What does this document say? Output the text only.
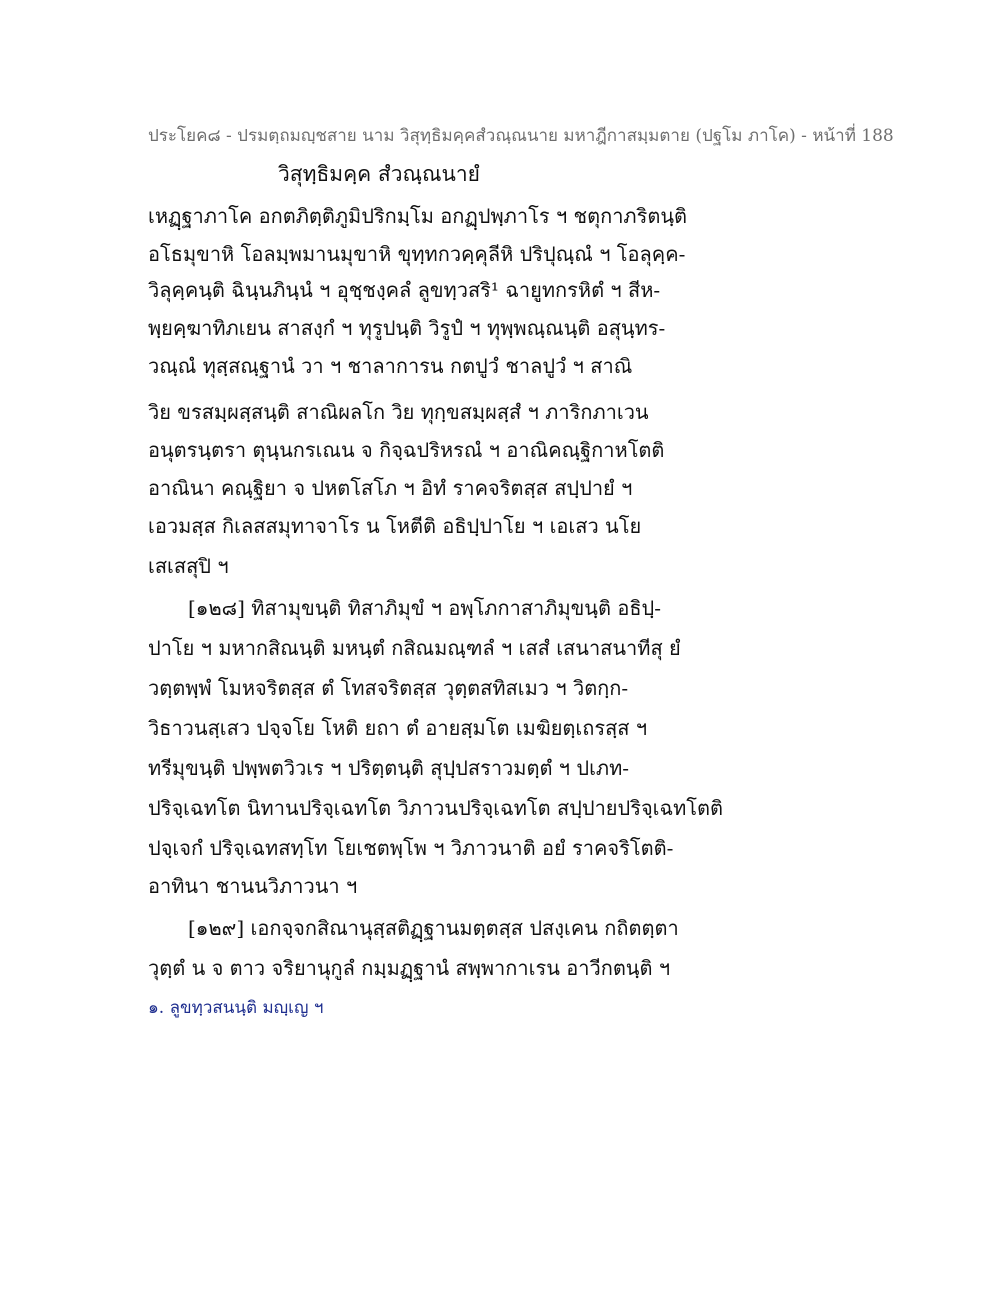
ประโยค๘ - ปรมตฺถมญฺชสาย นาม วิสุทฺธิมคฺคสํวณฺณนาย มหาฎีกาสมฺมตาย (ปฐโม ภาโค) - หน้าที่ 188
วิสุทฺธิมคฺค สํวณฺณนายํ
เหฏฺฐาภาโค อกตภิตฺติภูมิปริกมฺโม อกฏฺปพฺภาโร ฯ ชตุกาภริตนฺติ
อโธมุขาหิ โอลมฺพมานมุขาหิ ขุทฺทกวคฺคุลีหิ ปริปุณฺณํ ฯ โอลุคฺค-
วิลุคฺคนฺติ ฉินฺนภินฺนํ ฯ อุชฺชงฺคลํ ลูขทฺวสริ¹ ฉายูทกรหิตํ ฯ สีห-
พฺยคฺฆาทิภเยน สาสงฺกํ ฯ ทุรูปนฺติ วิรูปํ ฯ ทุพฺพณฺณนฺติ อสุนฺทร-
วณฺณํ ทุสฺสณฺฐานํ วา ฯ ชาลาการน กตปูวํ ชาลปูวํ ฯ สาณิ
วิย ขรสมฺผสฺสนฺติ สาณิผลโก วิย ทุกฺขสมฺผสฺสํ ฯ ภาริกภาเวน
อนุตรนฺตรา ตุนฺนกรเณน จ กิจฺฉปริหรณํ ฯ อาณิคณฺฐิกาหโตติ
อาณินา คณฺฐิยา จ ปหตโสโภ ฯ อิทํ ราคจริตสฺส สปฺปายํ ฯ
เอวมสฺส กิเลสสมุทาจาโร น โหตีติ อธิปฺปาโย ฯ เอเสว นโย
เสเสสุปิ ฯ
[๑๒๘] ทิสามุขนฺติ ทิสาภิมุขํ ฯ อพฺโภกาสาภิมุขนฺติ อธิปฺ-
ปาโย ฯ มหากสิณนฺติ มหนฺตํ กสิณมณฺฑลํ ฯ เสสํ เสนาสนาทีสุ ยํ
วตฺตพฺพํ โมหจริตสฺส ตํ โทสจริตสฺส วุตฺตสทิสเมว ฯ วิตกฺก-
วิธาวนสฺเสว ปจฺจโย โหติ ยถา ตํ อายสฺมโต เมฆิยตฺเถรสฺส ฯ
ทรีมุขนฺติ ปพฺพตวิวเร ฯ ปริตฺตนฺติ สุปฺปสราวมตฺตํ ฯ ปเภท-
ปริจฺเฉทโต นิทานปริจฺเฉทโต วิภาวนปริจฺเฉทโต สปฺปายปริจฺเฉทโตติ
ปจฺเจกํ ปริจฺเฉทสทฺโท โยเชตพฺโพ ฯ วิภาวนาติ อยํ ราคจริโตติ-
อาทินา ชานนวิภาวนา ฯ
[๑๒๙] เอกจฺจกสิณานุสฺสติฏฺฐานมตฺตสฺส ปสงฺเคน กถิตตฺตา
วุตฺตํ น จ ตาว จริยานุกูลํ กมฺมฏฺฐานํ สพฺพากาเรน อาวีกตนฺติ ฯ
๑. ลูขทฺวสนนฺติ มญฺเญ ฯ
